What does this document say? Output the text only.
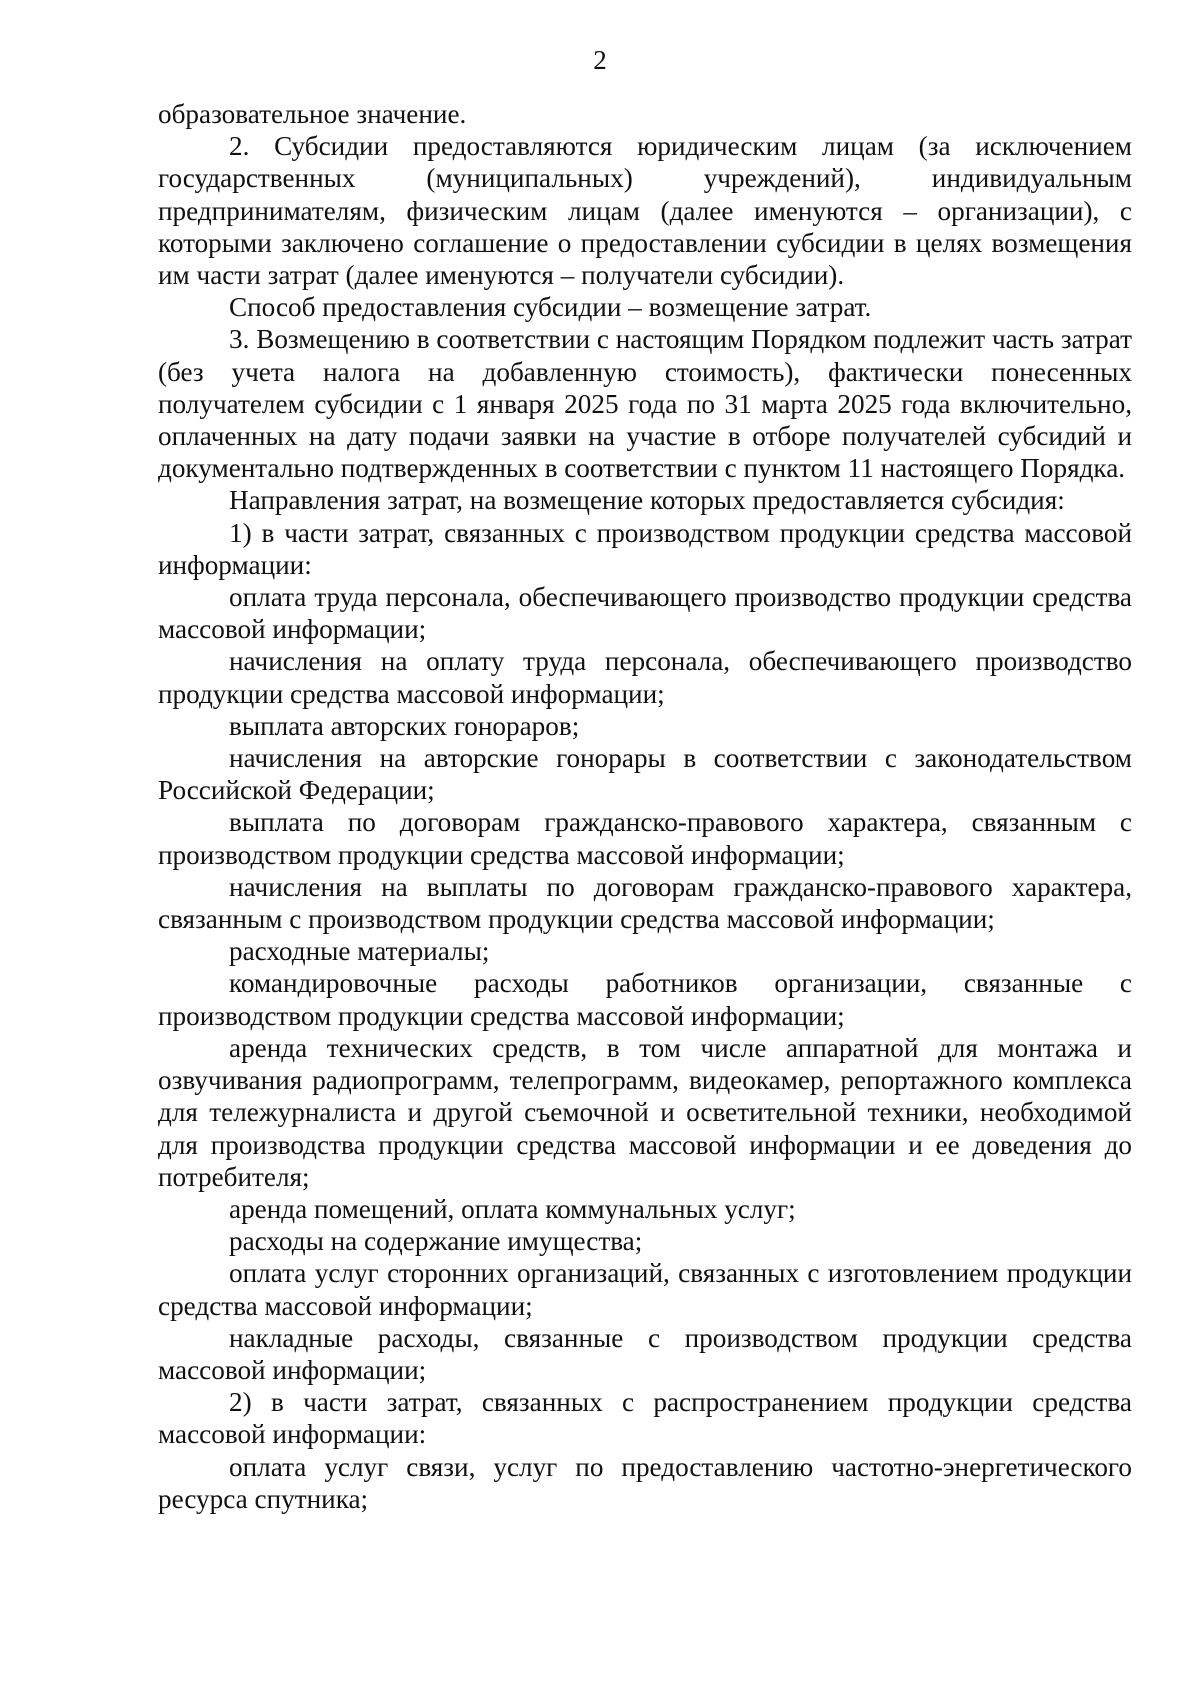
2

образовательное значение.

2. Субсидии предоставляются юридическим лицам (за исключением государственных (муниципальных) учреждений), индивидуальным предпринимателям, физическим лицам (далее именуются – организации), с которыми заключено соглашение о предоставлении субсидии в целях возмещения им части затрат (далее именуются – получатели субсидии).

Способ предоставления субсидии – возмещение затрат.

3. Возмещению в соответствии с настоящим Порядком подлежит часть затрат (без учета налога на добавленную стоимость), фактически понесенных получателем субсидии с 1 января 2025 года по 31 марта 2025 года включительно, оплаченных на дату подачи заявки на участие в отборе получателей субсидий и документально подтвержденных в соответствии с пунктом 11 настоящего Порядка.

Направления затрат, на возмещение которых предоставляется субсидия:

1) в части затрат, связанных с производством продукции средства массовой информации:

оплата труда персонала, обеспечивающего производство продукции средства массовой информации;

начисления на оплату труда персонала, обеспечивающего производство продукции средства массовой информации;

выплата авторских гонораров;

начисления на авторские гонорары в соответствии с законодательством Российской Федерации;

выплата по договорам гражданско-правового характера, связанным с производством продукции средства массовой информации;

начисления на выплаты по договорам гражданско-правового характера, связанным с производством продукции средства массовой информации;

расходные материалы;

командировочные расходы работников организации, связанные с производством продукции средства массовой информации;

аренда технических средств, в том числе аппаратной для монтажа и озвучивания радиопрограмм, телепрограмм, видеокамер, репортажного комплекса для тележурналиста и другой съемочной и осветительной техники, необходимой для производства продукции средства массовой информации и ее доведения до потребителя;

аренда помещений, оплата коммунальных услуг;

расходы на содержание имущества;

оплата услуг сторонних организаций, связанных с изготовлением продукции средства массовой информации;

накладные расходы, связанные с производством продукции средства массовой информации;

2) в части затрат, связанных с распространением продукции средства массовой информации:

оплата услуг связи, услуг по предоставлению частотно-энергетического ресурса спутника;
